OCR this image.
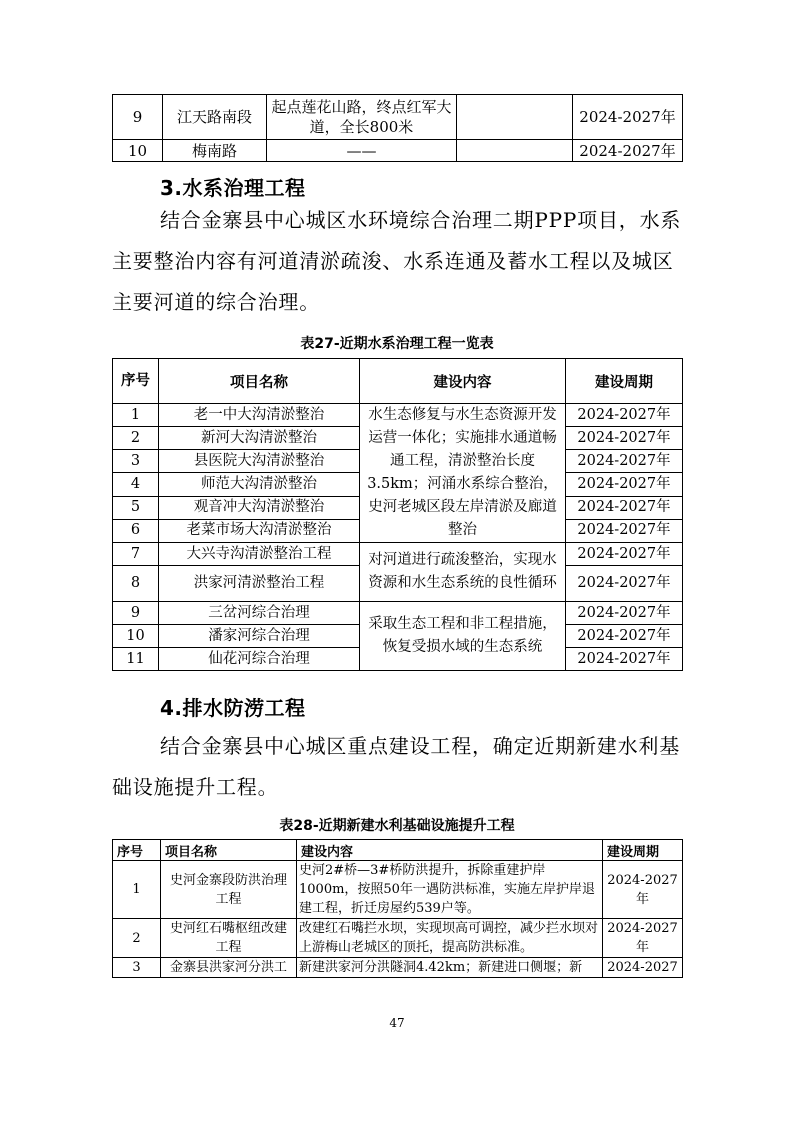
9	江天路南段	起点莲花山路，终点红军大道，全长800米		2024-2027年
10	梅南路	——		2024-2027年
3.水系治理工程

结合金寨县中心城区水环境综合治理二期PPP项目，水系主要整治内容有河道清淤疏浚、水系连通及蓄水工程以及城区主要河道的综合治理。

表27-近期水系治理工程一览表
序号	项目名称	建设内容	建设周期
1	老一中大沟清淤整治	水生态修复与水生态资源开发运营一体化；实施排水通道畅通工程，清淤整治长度3.5km；河涌水系综合整治，史河老城区段左岸清淤及廊道整治	2024-2027年
2	新河大沟清淤整治		2024-2027年
3	县医院大沟清淤整治		2024-2027年
4	师范大沟清淤整治		2024-2027年
5	观音冲大沟清淤整治		2024-2027年
6	老菜市场大沟清淤整治		2024-2027年
7	大兴寺沟清淤整治工程	对河道进行疏浚整治，实现水资源和水生态系统的良性循环	2024-2027年
8	洪家河清淤整治工程		2024-2027年
9	三岔河综合治理	采取生态工程和非工程措施，恢复受损水域的生态系统	2024-2027年
10	潘家河综合治理		2024-2027年
11	仙花河综合治理		2024-2027年
4.排水防涝工程

结合金寨县中心城区重点建设工程，确定近期新建水利基础设施提升工程。

表28-近期新建水利基础设施提升工程
序号	项目名称	建设内容	建设周期
1	史河金寨段防洪治理工程	史河2#桥—3#桥防洪提升，拆除重建护岸1000m，按照50年一遇防洪标准，实施左岸护岸退建工程，折迁房屋约539户等。	2024-2027年
2	史河红石嘴枢纽改建工程	改建红石嘴拦水坝，实现坝高可调控，减少拦水坝对上游梅山老城区的顶托，提高防洪标准。	2024-2027年
3	金寨县洪家河分洪工	新建洪家河分洪隧洞4.42km；新建进口侧堰；新	2024-2027
47
